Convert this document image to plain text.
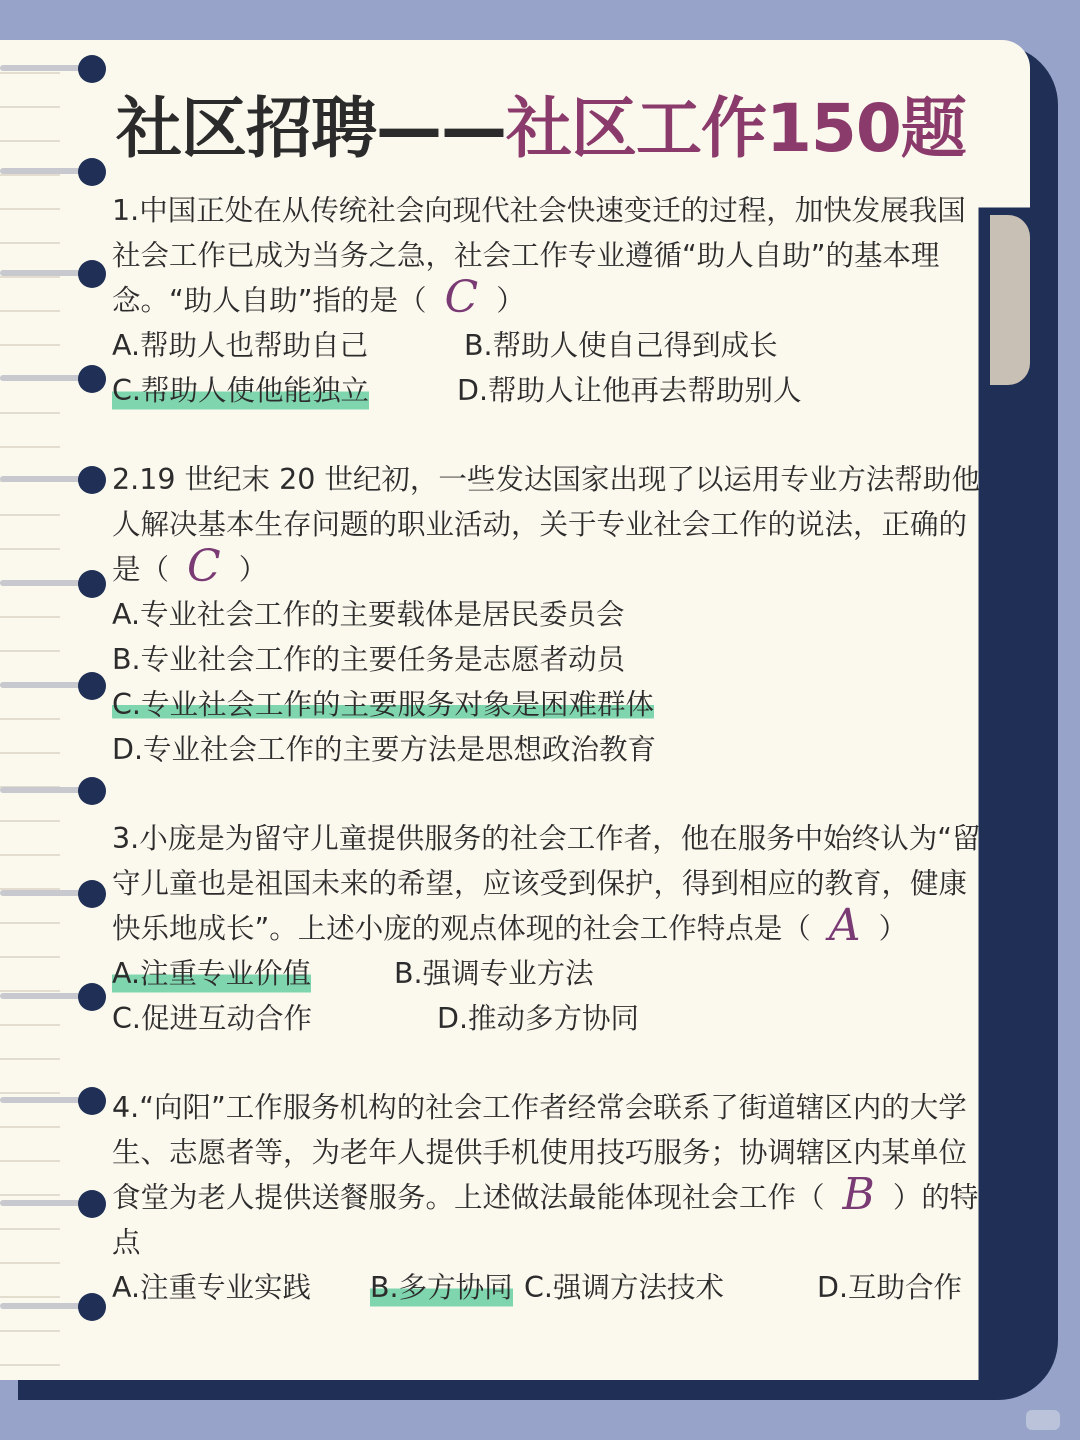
社区招聘——社区工作150题
1.中国正处在从传统社会向现代社会快速变迁的过程，加快发展我国社会工作已成为当务之急，社会工作专业遵循“助人自助”的基本理念。“助人自助”指的是（ C ）
A.帮助人也帮助自己	B.帮助人使自己得到成长
C.帮助人使他能独立	D.帮助人让他再去帮助别人
2.19 世纪末 20 世纪初，一些发达国家出现了以运用专业方法帮助他人解决基本生存问题的职业活动，关于专业社会工作的说法，正确的是（ C ）
A.专业社会工作的主要载体是居民委员会
B.专业社会工作的主要任务是志愿者动员
C.专业社会工作的主要服务对象是困难群体
D.专业社会工作的主要方法是思想政治教育
3.小庞是为留守儿童提供服务的社会工作者，他在服务中始终认为“留守儿童也是祖国未来的希望，应该受到保护，得到相应的教育，健康快乐地成长”。上述小庞的观点体现的社会工作特点是（ A ）
A.注重专业价值	B.强调专业方法
C.促进互动合作	D.推动多方协同
4.“向阳”工作服务机构的社会工作者经常会联系了街道辖区内的大学生、志愿者等，为老年人提供手机使用技巧服务；协调辖区内某单位食堂为老人提供送餐服务。上述做法最能体现社会工作（ B ）的特点
A.注重专业实践 B.多方协同 C.强调方法技术	D.互助合作
